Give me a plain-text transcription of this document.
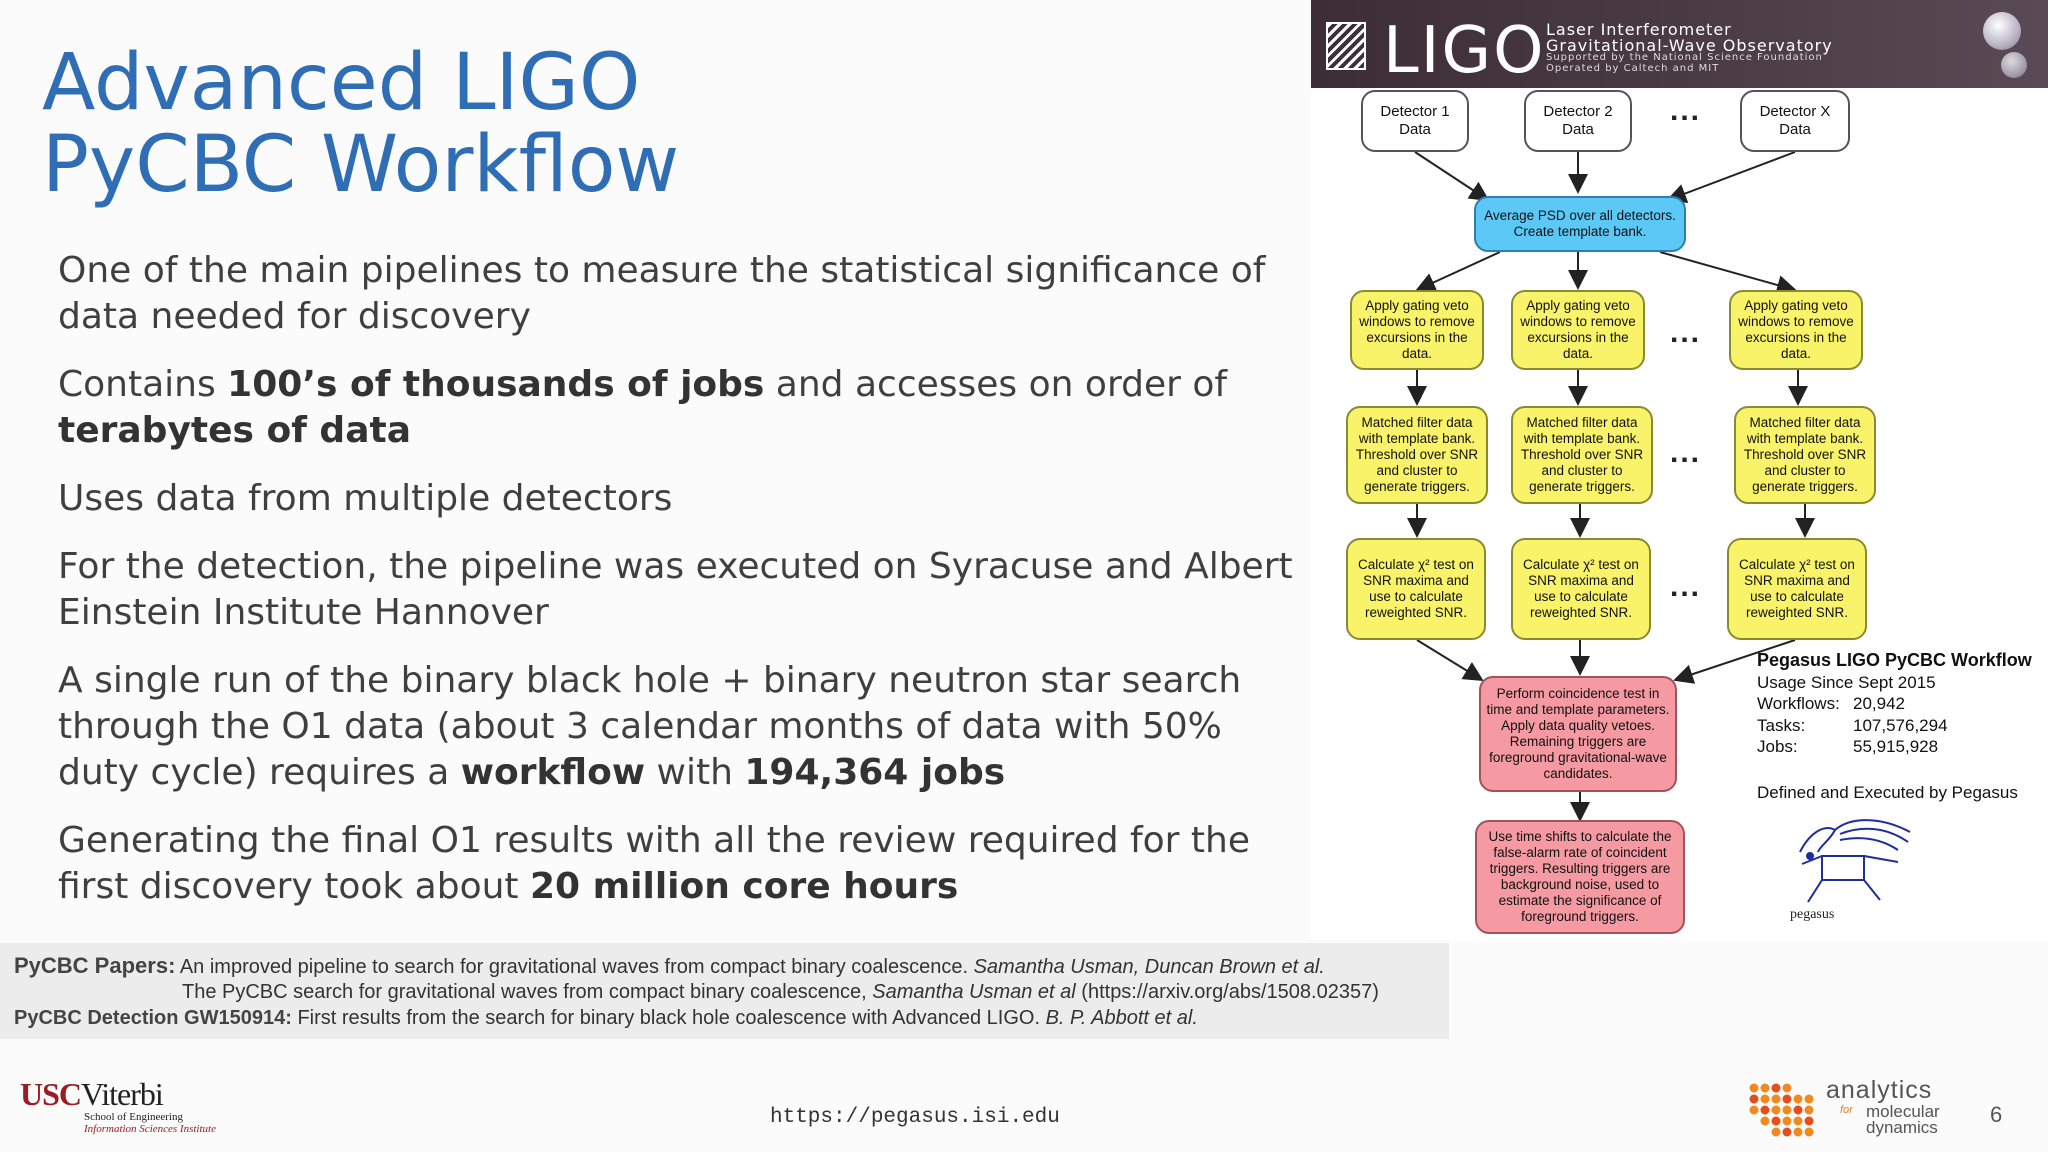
Advanced LIGO
PyCBC Workflow
One of the main pipelines to measure the statistical significance of data needed for discovery
Contains 100’s of thousands of jobs and accesses on order of terabytes of data
Uses data from multiple detectors
For the detection, the pipeline was executed on Syracuse and Albert Einstein Institute Hannover
A single run of the binary black hole + binary neutron star search through the O1 data (about 3 calendar months of data with 50% duty cycle) requires a workflow with 194,364 jobs
Generating the final O1 results with all the review required for the first discovery took about 20 million core hours
PyCBC Papers: An improved pipeline to search for gravitational waves from compact binary coalescence. Samantha Usman, Duncan Brown et al.
The PyCBC search for gravitational waves from compact binary coalescence, Samantha Usman et al (https://arxiv.org/abs/1508.02357)
PyCBC Detection GW150914: First results from the search for binary black hole coalescence with Advanced LIGO. B. P. Abbott et al.
LIGO Laser Interferometer
Gravitational-Wave Observatory
Supported by the National Science Foundation
Operated by Caltech and MIT
Detector 1
Data
Detector 2
Data
Detector X
Data
...
Average PSD over all detectors. Create template bank.
Apply gating veto windows to remove excursions in the data.
Apply gating veto windows to remove excursions in the data.
Apply gating veto windows to remove excursions in the data.
...
Matched filter data with template bank. Threshold over SNR and cluster to generate triggers.
Matched filter data with template bank. Threshold over SNR and cluster to generate triggers.
Matched filter data with template bank. Threshold over SNR and cluster to generate triggers.
...
Calculate χ² test on SNR maxima and use to calculate reweighted SNR.
Calculate χ² test on SNR maxima and use to calculate reweighted SNR.
Calculate χ² test on SNR maxima and use to calculate reweighted SNR.
...
Perform coincidence test in time and template parameters. Apply data quality vetoes. Remaining triggers are foreground gravitational-wave candidates.
Use time shifts to calculate the false-alarm rate of coincident triggers. Resulting triggers are background noise, used to estimate the significance of foreground triggers.
Pegasus LIGO PyCBC Workflow
Usage Since Sept 2015
Workflows: 20,942
Tasks:	107,576,294
Jobs:	55,915,928
Defined and Executed by Pegasus
pegasus
USCViterbi
School of Engineering
Information Sciences Institute	https://pegasus.isi.edu
analytics
for molecular
dynamics
6
